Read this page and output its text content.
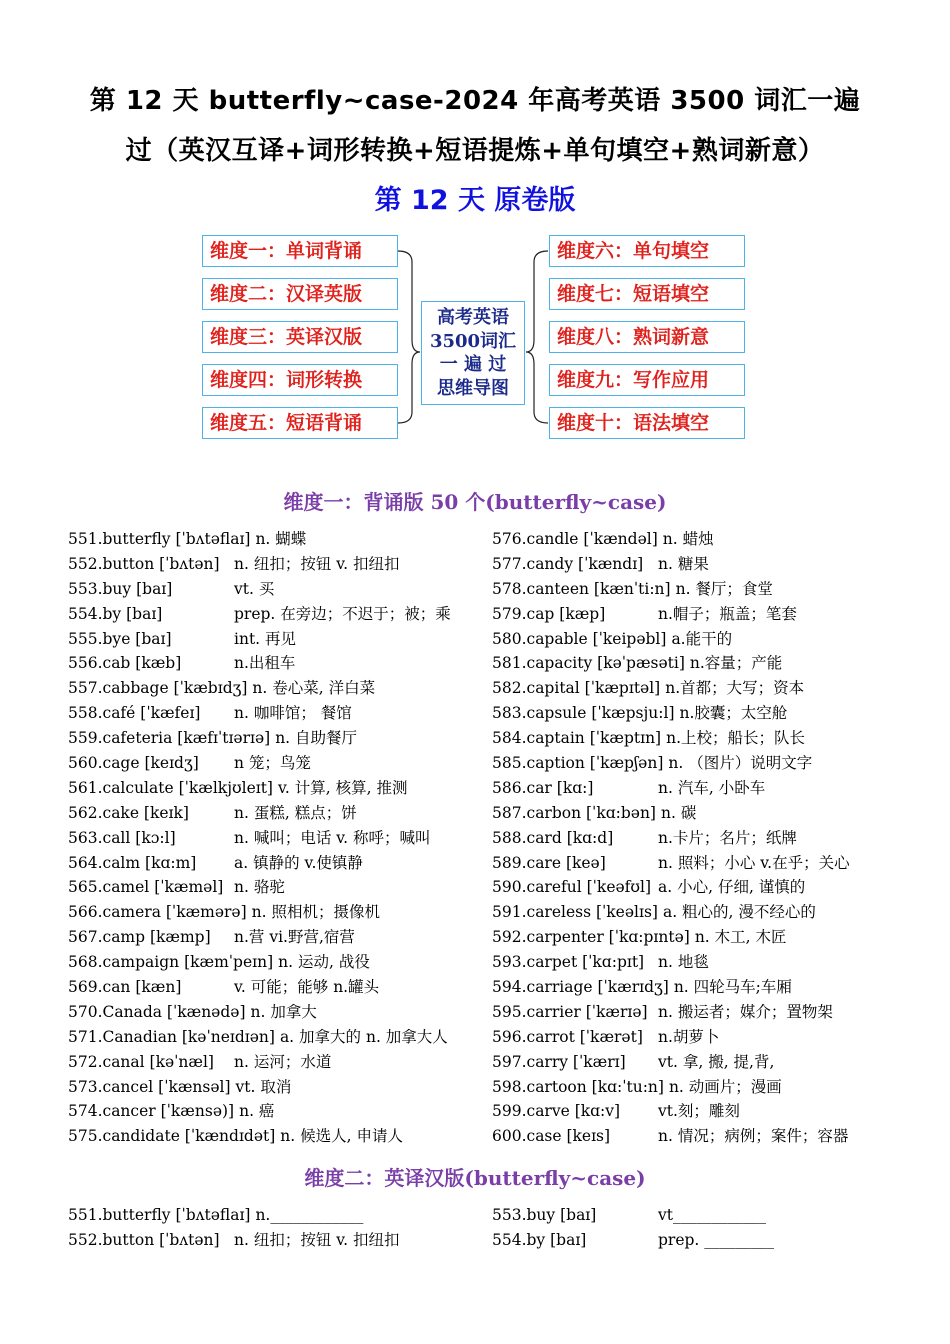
第 12 天 butterfly~case-2024 年高考英语 3500 词汇一遍
过（英汉互译+词形转换+短语提炼+单句填空+熟词新意）
第 12 天 原卷版
维度一：单词背诵
维度二：汉译英版
维度三：英译汉版
维度四：词形转换
维度五：短语背诵
高考英语
3500词汇
一 遍 过
思维导图
维度六：单句填空
维度七：短语填空
维度八：熟词新意
维度九：写作应用
维度十：语法填空
维度一：背诵版 50 个(butterfly~case)
551.butterfly [ˈbʌtəflaɪ] n. 蝴蝶
552.button [ˈbʌtən] n. 纽扣；按钮 v. 扣纽扣
553.buy [baɪ]	vt. 买
554.by [baɪ]	prep. 在旁边；不迟于；被；乘
555.bye [baɪ]	int. 再见
556.cab [kæb]	n.出租车
557.cabbage [ˈkæbɪdʒ] n. 卷心菜, 洋白菜
558.café [ˈkæfeɪ] n. 咖啡馆； 餐馆
559.cafeteria [kæfɪˈtɪərɪə] n. 自助餐厅
560.cage [keɪdʒ] n 笼；鸟笼
561.calculate [ˈkælkjʊleɪt] v. 计算, 核算, 推测
562.cake [keɪk]	n. 蛋糕, 糕点；饼
563.call [kɔ:l]	n. 喊叫；电话 v. 称呼；喊叫
564.calm [kɑ:m] a. 镇静的 v.使镇静
565.camel [ˈkæməl] n. 骆驼
566.camera [ˈkæmərə] n. 照相机；摄像机
567.camp [kæmp] n.营 vi.野营,宿营
568.campaign [kæmˈpeɪn] n. 运动, 战役
569.can [kæn]	v. 可能；能够 n.罐头
570.Canada [ˈkænədə] n. 加拿大
571.Canadian [kəˈneɪdɪən] a. 加拿大的 n. 加拿大人
572.canal [kəˈnæl] n. 运河；水道
573.cancel [ˈkænsəl] vt. 取消
574.cancer [ˈkænsə)] n. 癌
575.candidate [ˈkændɪdət] n. 候选人, 申请人
576.candle [ˈkændəl] n. 蜡烛
577.candy [ˈkændɪ] n. 糖果
578.canteen [kænˈti:n] n. 餐厅；食堂
579.cap [kæp]	n.帽子；瓶盖；笔套
580.capable [ˈkeipəbl] a.能干的
581.capacity [kəˈpæsəti] n.容量；产能
582.capital [ˈkæpɪtəl] n.首都；大写；资本
583.capsule [ˈkæpsju:l] n.胶囊；太空舱
584.captain [ˈkæptɪn] n.上校；船长；队长
585.caption [ˈkæpʃən] n. （图片）说明文字
586.car [kɑ:]	n. 汽车, 小卧车
587.carbon [ˈkɑ:bən] n. 碳
588.card [kɑ:d]	n.卡片；名片；纸牌
589.care [keə]	n. 照料；小心 v.在乎；关心
590.careful [ˈkeəfʊl] a. 小心, 仔细, 谨慎的
591.careless [ˈkeəlɪs] a. 粗心的, 漫不经心的
592.carpenter [ˈkɑ:pɪntə] n. 木工, 木匠
593.carpet [ˈkɑ:pɪt] n. 地毯
594.carriage [ˈkærɪdʒ] n. 四轮马车;车厢
595.carrier [ˈkærɪə] n. 搬运者；媒介；置物架
596.carrot [ˈkærət] n.胡萝卜
597.carry [ˈkærɪ] vt. 拿, 搬, 提,背,
598.cartoon [kɑ:ˈtu:n] n. 动画片；漫画
599.carve [kɑ:v] vt.刻；雕刻
600.case [keɪs]	n. 情况；病例；案件；容器
维度二：英译汉版(butterfly~case)
551.butterfly [ˈbʌtəflaɪ] n.____________
552.button [ˈbʌtən] n. 纽扣；按钮 v. 扣纽扣
553.buy [baɪ]	vt____________
554.by [baɪ]	prep. _________
